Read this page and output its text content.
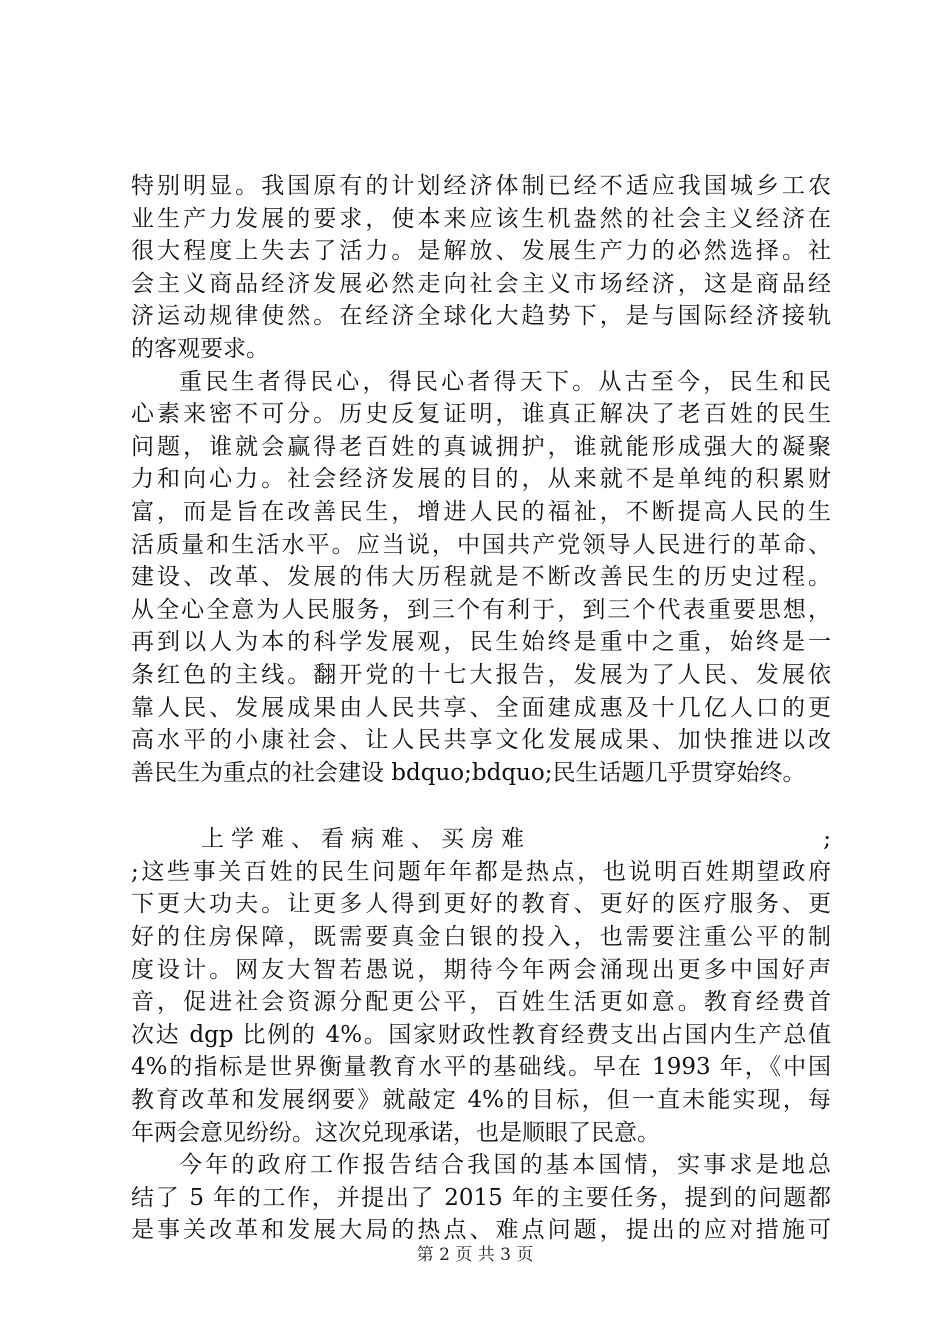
特别明显。我国原有的计划经济体制已经不适应我国城乡工农
业生产力发展的要求，使本来应该生机盎然的社会主义经济在
很大程度上失去了活力。是解放、发展生产力的必然选择。社
会主义商品经济发展必然走向社会主义市场经济，这是商品经
济运动规律使然。在经济全球化大趋势下，是与国际经济接轨
的客观要求。
重民生者得民心，得民心者得天下。从古至今，民生和民
心素来密不可分。历史反复证明，谁真正解决了老百姓的民生
问题，谁就会赢得老百姓的真诚拥护，谁就能形成强大的凝聚
力和向心力。社会经济发展的目的，从来就不是单纯的积累财
富，而是旨在改善民生，增进人民的福祉，不断提高人民的生
活质量和生活水平。应当说，中国共产党领导人民进行的革命、
建设、改革、发展的伟大历程就是不断改善民生的历史过程。
从全心全意为人民服务，到三个有利于，到三个代表重要思想，
再到以人为本的科学发展观，民生始终是重中之重，始终是一
条红色的主线。翻开党的十七大报告，发展为了人民、发展依
靠人民、发展成果由人民共享、全面建成惠及十几亿人口的更
高水平的小康社会、让人民共享文化发展成果、加快推进以改
善民生为重点的社会建设 bdquo;bdquo;民生话题几乎贯穿始终。
上学难、看病难、买房难	;
;这些事关百姓的民生问题年年都是热点，也说明百姓期望政府
下更大功夫。让更多人得到更好的教育、更好的医疗服务、更
好的住房保障，既需要真金白银的投入，也需要注重公平的制
度设计。网友大智若愚说，期待今年两会涌现出更多中国好声
音，促进社会资源分配更公平，百姓生活更如意。教育经费首
次达 dgp 比例的 4%。国家财政性教育经费支出占国内生产总值
4%的指标是世界衡量教育水平的基础线。早在 1993 年，《中国
教育改革和发展纲要》就敲定 4%的目标，但一直未能实现，每
年两会意见纷纷。这次兑现承诺，也是顺眼了民意。
今年的政府工作报告结合我国的基本国情，实事求是地总
结了 5 年的工作，并提出了 2015 年的主要任务，提到的问题都
是事关改革和发展大局的热点、难点问题，提出的应对措施可
第 2 页 共 3 页
